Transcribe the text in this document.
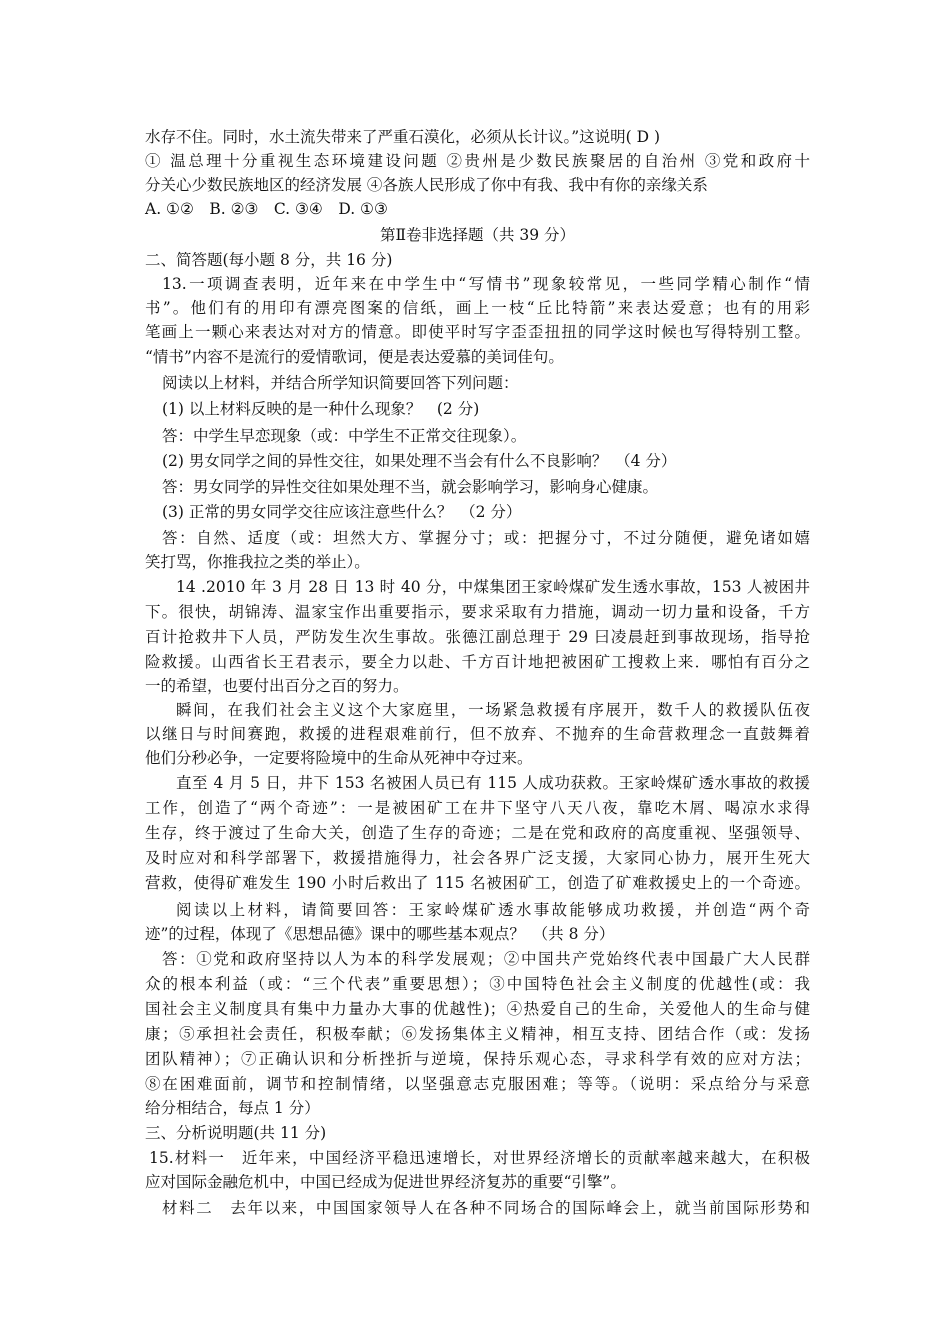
水存不住。同时，水土流失带来了严重石漠化，必须从长计议。”这说明( D )
① 温总理十分重视生态环境建设问题 ②贵州是少数民族聚居的自治州 ③党和政府十
分关心少数民族地区的经济发展 ④各族人民形成了你中有我、我中有你的亲缘关系
A. ①②　B. ②③　C. ③④　D. ①③
第Ⅱ卷非选择题（共 39 分）
二、简答题(每小题 8 分，共 16 分)
13.一项调查表明，近年来在中学生中“写情书”现象较常见，一些同学精心制作“情
书”。他们有的用印有漂亮图案的信纸，画上一枝“丘比特箭”来表达爱意；也有的用彩
笔画上一颗心来表达对对方的情意。即使平时写字歪歪扭扭的同学这时候也写得特别工整。
“情书”内容不是流行的爱情歌词，便是表达爱慕的美词佳句。
阅读以上材料，并结合所学知识简要回答下列问题：
(1) 以上材料反映的是一种什么现象？　(2 分)
答：中学生早恋现象（或：中学生不正常交往现象）。
(2) 男女同学之间的异性交往，如果处理不当会有什么不良影响？　（4 分）
答：男女同学的异性交往如果处理不当，就会影响学习，影响身心健康。
(3) 正常的男女同学交往应该注意些什么？　（2 分）
答：自然、适度（或：坦然大方、掌握分寸；或：把握分寸，不过分随便，避免诸如嬉
笑打骂，你推我拉之类的举止）。
14 .2010 年 3 月 28 日 13 时 40 分，中煤集团王家岭煤矿发生透水事故，153 人被困井
下。很快，胡锦涛、温家宝作出重要指示，要求采取有力措施，调动一切力量和设备，千方
百计抢救井下人员，严防发生次生事故。张德江副总理于 29 曰凌晨赶到事故现场，指导抢
险救援。山西省长王君表示，要全力以赴、千方百计地把被困矿工搜救上来．哪怕有百分之
一的希望，也要付出百分之百的努力。
瞬间，在我们社会主义这个大家庭里，一场紧急救援有序展开，数千人的救援队伍夜
以继日与时间赛跑，救援的进程艰难前行，但不放弃、不抛弃的生命营救理念一直鼓舞着
他们分秒必争，一定要将险境中的生命从死神中夺过来。
直至 4 月 5 日，井下 153 名被困人员已有 115 人成功获救。王家岭煤矿透水事故的救援
工作，创造了“两个奇迹”：一是被困矿工在井下坚守八天八夜，靠吃木屑、喝凉水求得
生存，终于渡过了生命大关，创造了生存的奇迹；二是在党和政府的高度重视、坚强领导、
及时应对和科学部署下，救援措施得力，社会各界广泛支援，大家同心协力，展开生死大
营救，使得矿难发生 190 小时后救出了 115 名被困矿工，创造了矿难救援史上的一个奇迹。
阅读以上材料，请简要回答：王家岭煤矿透水事故能够成功救援，并创造“两个奇
迹”的过程，体现了《思想品德》课中的哪些基本观点？　（共 8 分）
答：①党和政府坚持以人为本的科学发展观；②中国共产党始终代表中国最广大人民群
众的根本利益（或：“三个代表”重要思想）；③中国特色社会主义制度的优越性(或：我
国社会主义制度具有集中力量办大事的优越性)；④热爱自己的生命，关爱他人的生命与健
康；⑤承担社会责任，积极奉献；⑥发扬集体主义精神，相互支持、团结合作（或：发扬
团队精神）；⑦正确认识和分析挫折与逆境，保持乐观心态，寻求科学有效的应对方法；
⑧在困难面前，调节和控制情绪，以坚强意志克服困难；等等。（说明：采点给分与采意
给分相结合，每点 1 分）
三、分析说明题(共 11 分)
15.材料一　近年来，中国经济平稳迅速增长，对世界经济增长的贡献率越来越大，在积极
应对国际金融危机中，中国已经成为促进世界经济复苏的重要“引擎”。
材料二　去年以来，中国国家领导人在各种不同场合的国际峰会上，就当前国际形势和
